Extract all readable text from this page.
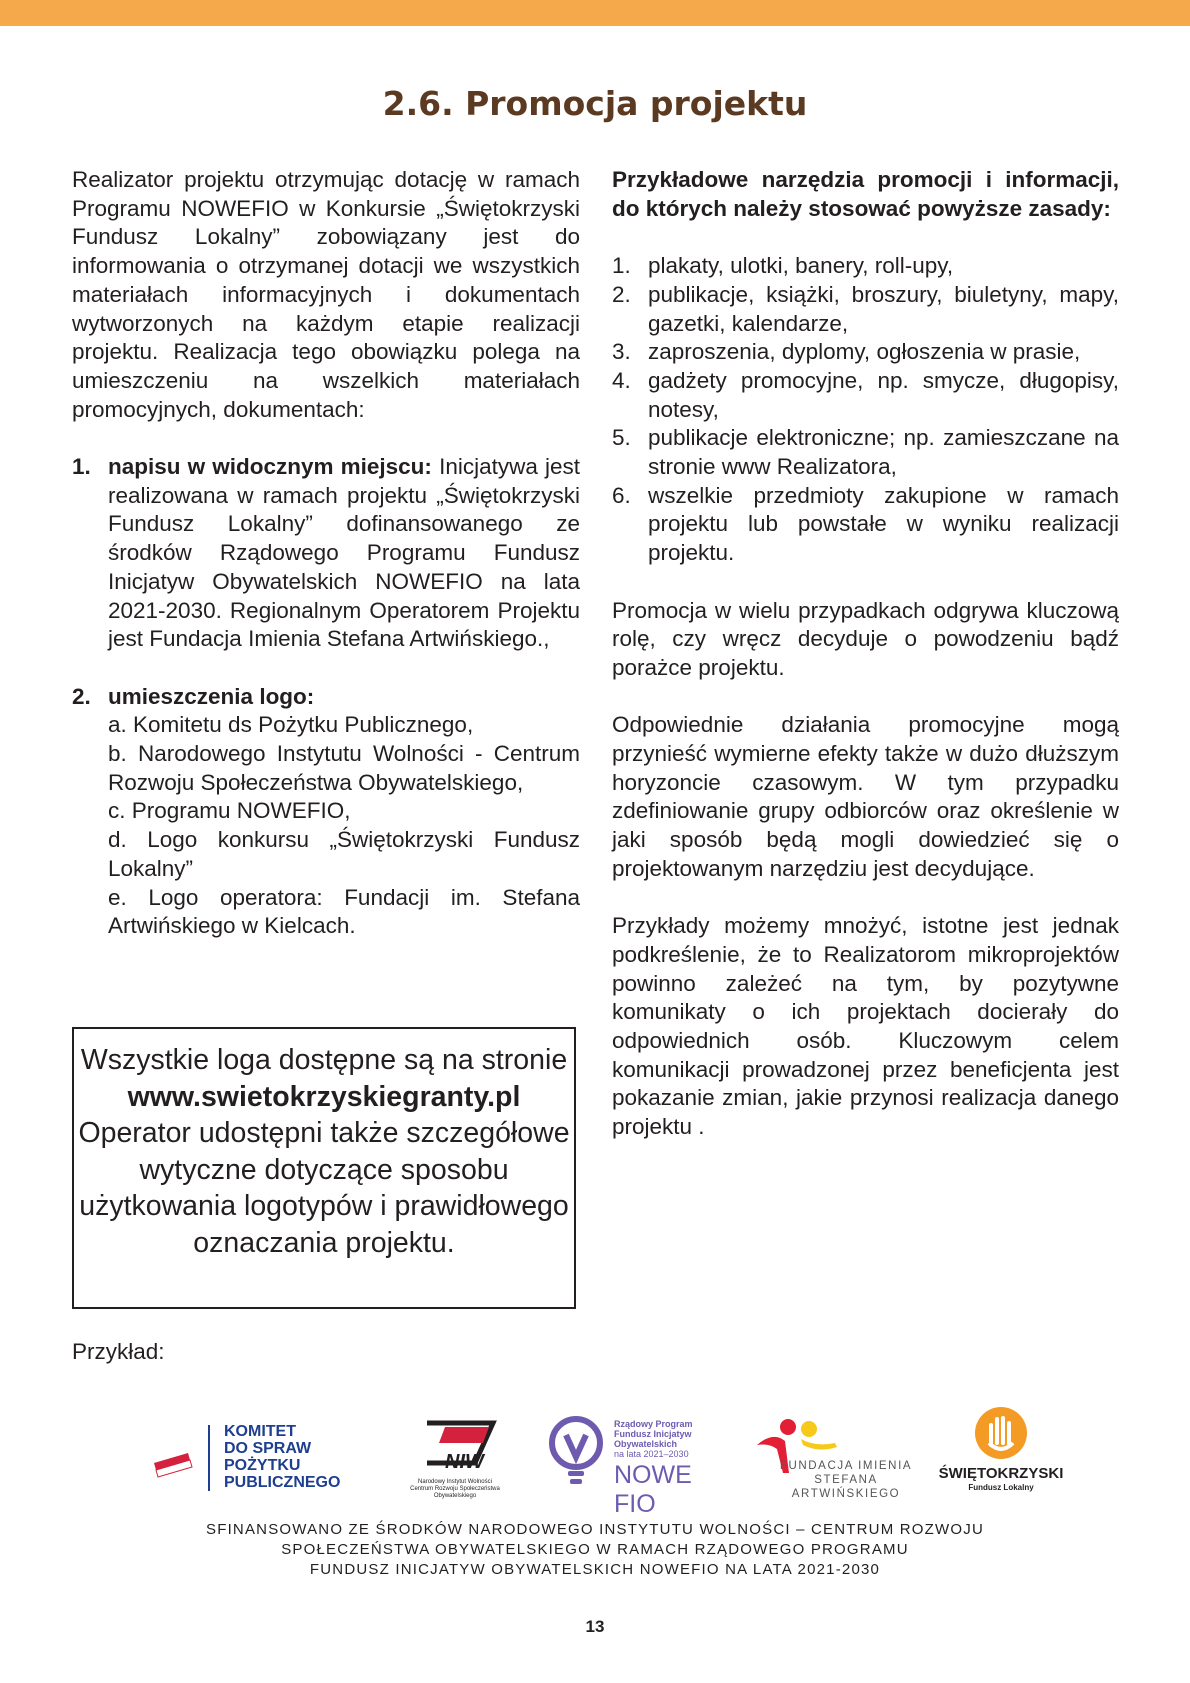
2.6. Promocja projektu

Realizator projektu otrzymując dotację w ramach Programu NOWEFIO w Konkursie „Świętokrzyski Fundusz Lokalny” zobowiązany jest do informowania o otrzymanej dotacji we wszystkich materiałach informacyjnych i dokumentach wytworzonych na każdym etapie realizacji projektu. Realizacja tego obowiązku polega na umieszczeniu na wszelkich materiałach promocyjnych, dokumentach:

1. napisu w widocznym miejscu: Inicjatywa jest realizowana w ramach projektu „Świętokrzyski Fundusz Lokalny” dofinansowanego ze środków Rządowego Programu Fundusz Inicjatyw Obywatelskich NOWEFIO na lata 2021-2030. Regionalnym Operatorem Projektu jest Fundacja Imienia Stefana Artwińskiego.,
2. umieszczenia logo:
a. Komitetu ds Pożytku Publicznego,
b. Narodowego Instytutu Wolności - Centrum Rozwoju Społeczeństwa Obywatelskiego,
c. Programu NOWEFIO,
d. Logo konkursu „Świętokrzyski Fundusz Lokalny”
e. Logo operatora: Fundacji im. Stefana Artwińskiego w Kielcach.
Wszystkie loga dostępne są na stronie
www.swietokrzyskiegranty.pl
Operator udostępni także szczegółowe wytyczne dotyczące sposobu użytkowania logotypów i prawidłowego oznaczania projektu.

Przykładowe narzędzia promocji i informacji, do których należy stosować powyższe zasady:

1. plakaty, ulotki, banery, roll-upy,
2. publikacje, książki, broszury, biuletyny, mapy, gazetki, kalendarze,
3. zaproszenia, dyplomy, ogłoszenia w prasie,
4. gadżety promocyjne, np. smycze, długopisy, notesy,
5. publikacje elektroniczne; np. zamieszczane na stronie www Realizatora,
6. wszelkie przedmioty zakupione w ramach projektu lub powstałe w wyniku realizacji projektu.

Promocja w wielu przypadkach odgrywa kluczową rolę, czy wręcz decyduje o powodzeniu bądź porażce projektu.

Odpowiednie działania promocyjne mogą przynieść wymierne efekty także w dużo dłuższym horyzoncie czasowym. W tym przypadku zdefiniowanie grupy odbiorców oraz określenie w jaki sposób będą mogli dowiedzieć się o projektowanym narzędziu jest decydujące.

Przykłady możemy mnożyć, istotne jest jednak podkreślenie, że to Realizatorom mikroprojektów powinno zależeć na tym, by pozytywne komunikaty o ich projektach docierały do odpowiednich osób. Kluczowym celem komunikacji prowadzonej przez beneficjenta jest pokazanie zmian, jakie przynosi realizacja danego projektu .

Przykład:
KOMITET
DO SPRAW
POŻYTKU
PUBLICZNEGO
NIW
Narodowy Instytut Wolności
Centrum Rozwoju Społeczeństwa Obywatelskiego
Rządowy Program
Fundusz Inicjatyw
Obywatelskich
na lata 2021–2030
NOWE FIO
FUNDACJA IMIENIA
STEFANA ARTWIŃSKIEGO
ŚWIĘTOKRZYSKI
Fundusz Lokalny
SFINANSOWANO ZE ŚRODKÓW NARODOWEGO INSTYTUTU WOLNOŚCI – CENTRUM ROZWOJU
SPOŁECZEŃSTWA OBYWATELSKIEGO W RAMACH RZĄDOWEGO PROGRAMU
FUNDUSZ INICJATYW OBYWATELSKICH NOWEFIO NA LATA 2021-2030
13
